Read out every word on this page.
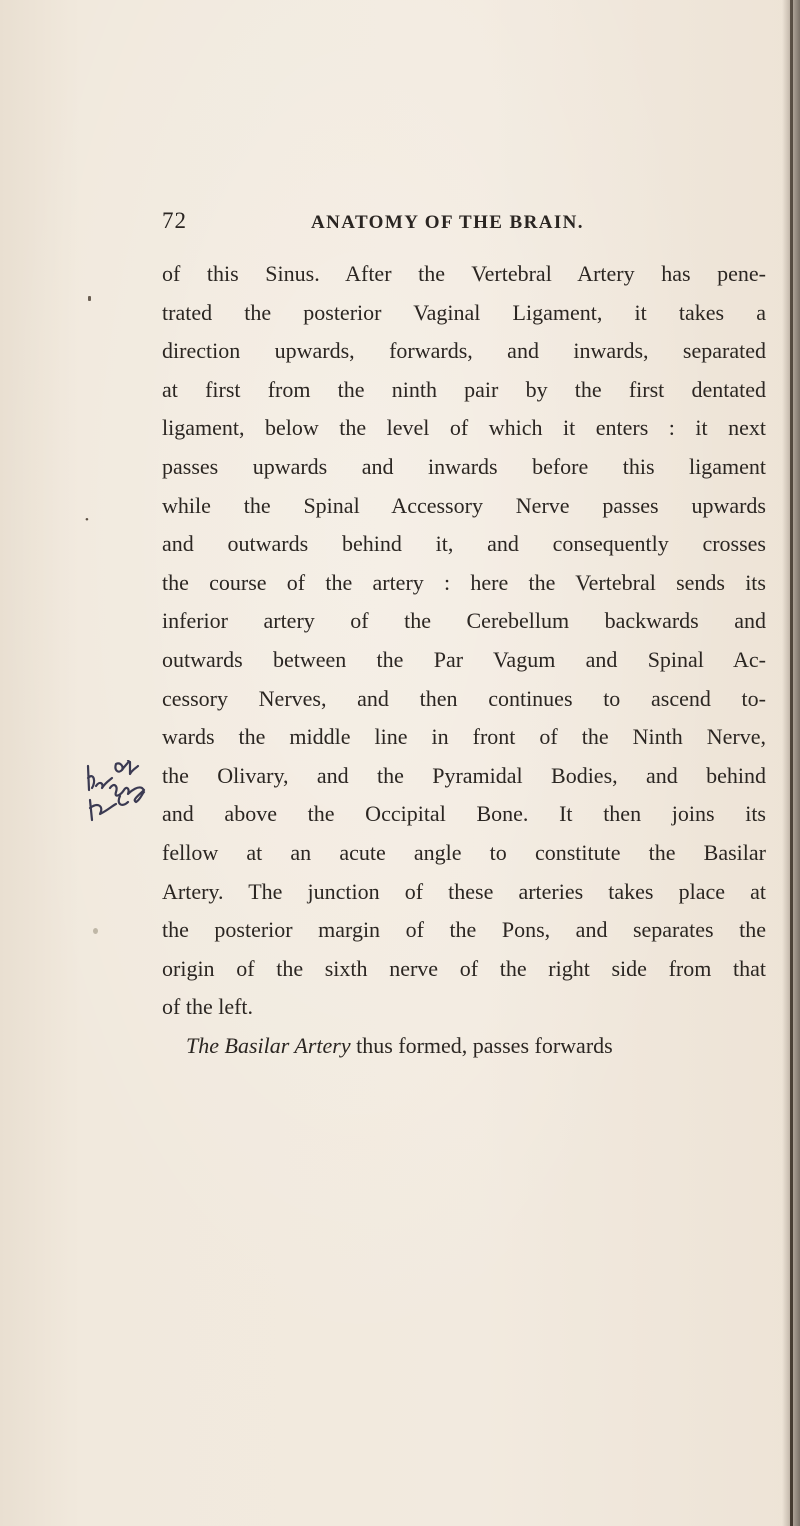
72	ANATOMY OF THE BRAIN.
•
of this Sinus. After the Vertebral Artery has pene-
trated the posterior Vaginal Ligament, it takes a
direction upwards, forwards, and inwards, separated
at first from the ninth pair by the first dentated
ligament, below the level of which it enters : it next
passes upwards and inwards before this ligament
while the Spinal Accessory Nerve passes upwards
and outwards behind it, and consequently crosses
the course of the artery : here the Vertebral sends its
inferior artery of the Cerebellum backwards and
outwards between the Par Vagum and Spinal Ac-
cessory Nerves, and then continues to ascend to-
wards the middle line in front of the Ninth Nerve,
the Olivary, and the Pyramidal Bodies, and behind
and above the Occipital Bone. It then joins its
fellow at an acute angle to constitute the Basilar
Artery. The junction of these arteries takes place at
the posterior margin of the Pons, and separates the
origin of the sixth nerve of the right side from that
of the left.
The Basilar Artery thus formed, passes forwards
